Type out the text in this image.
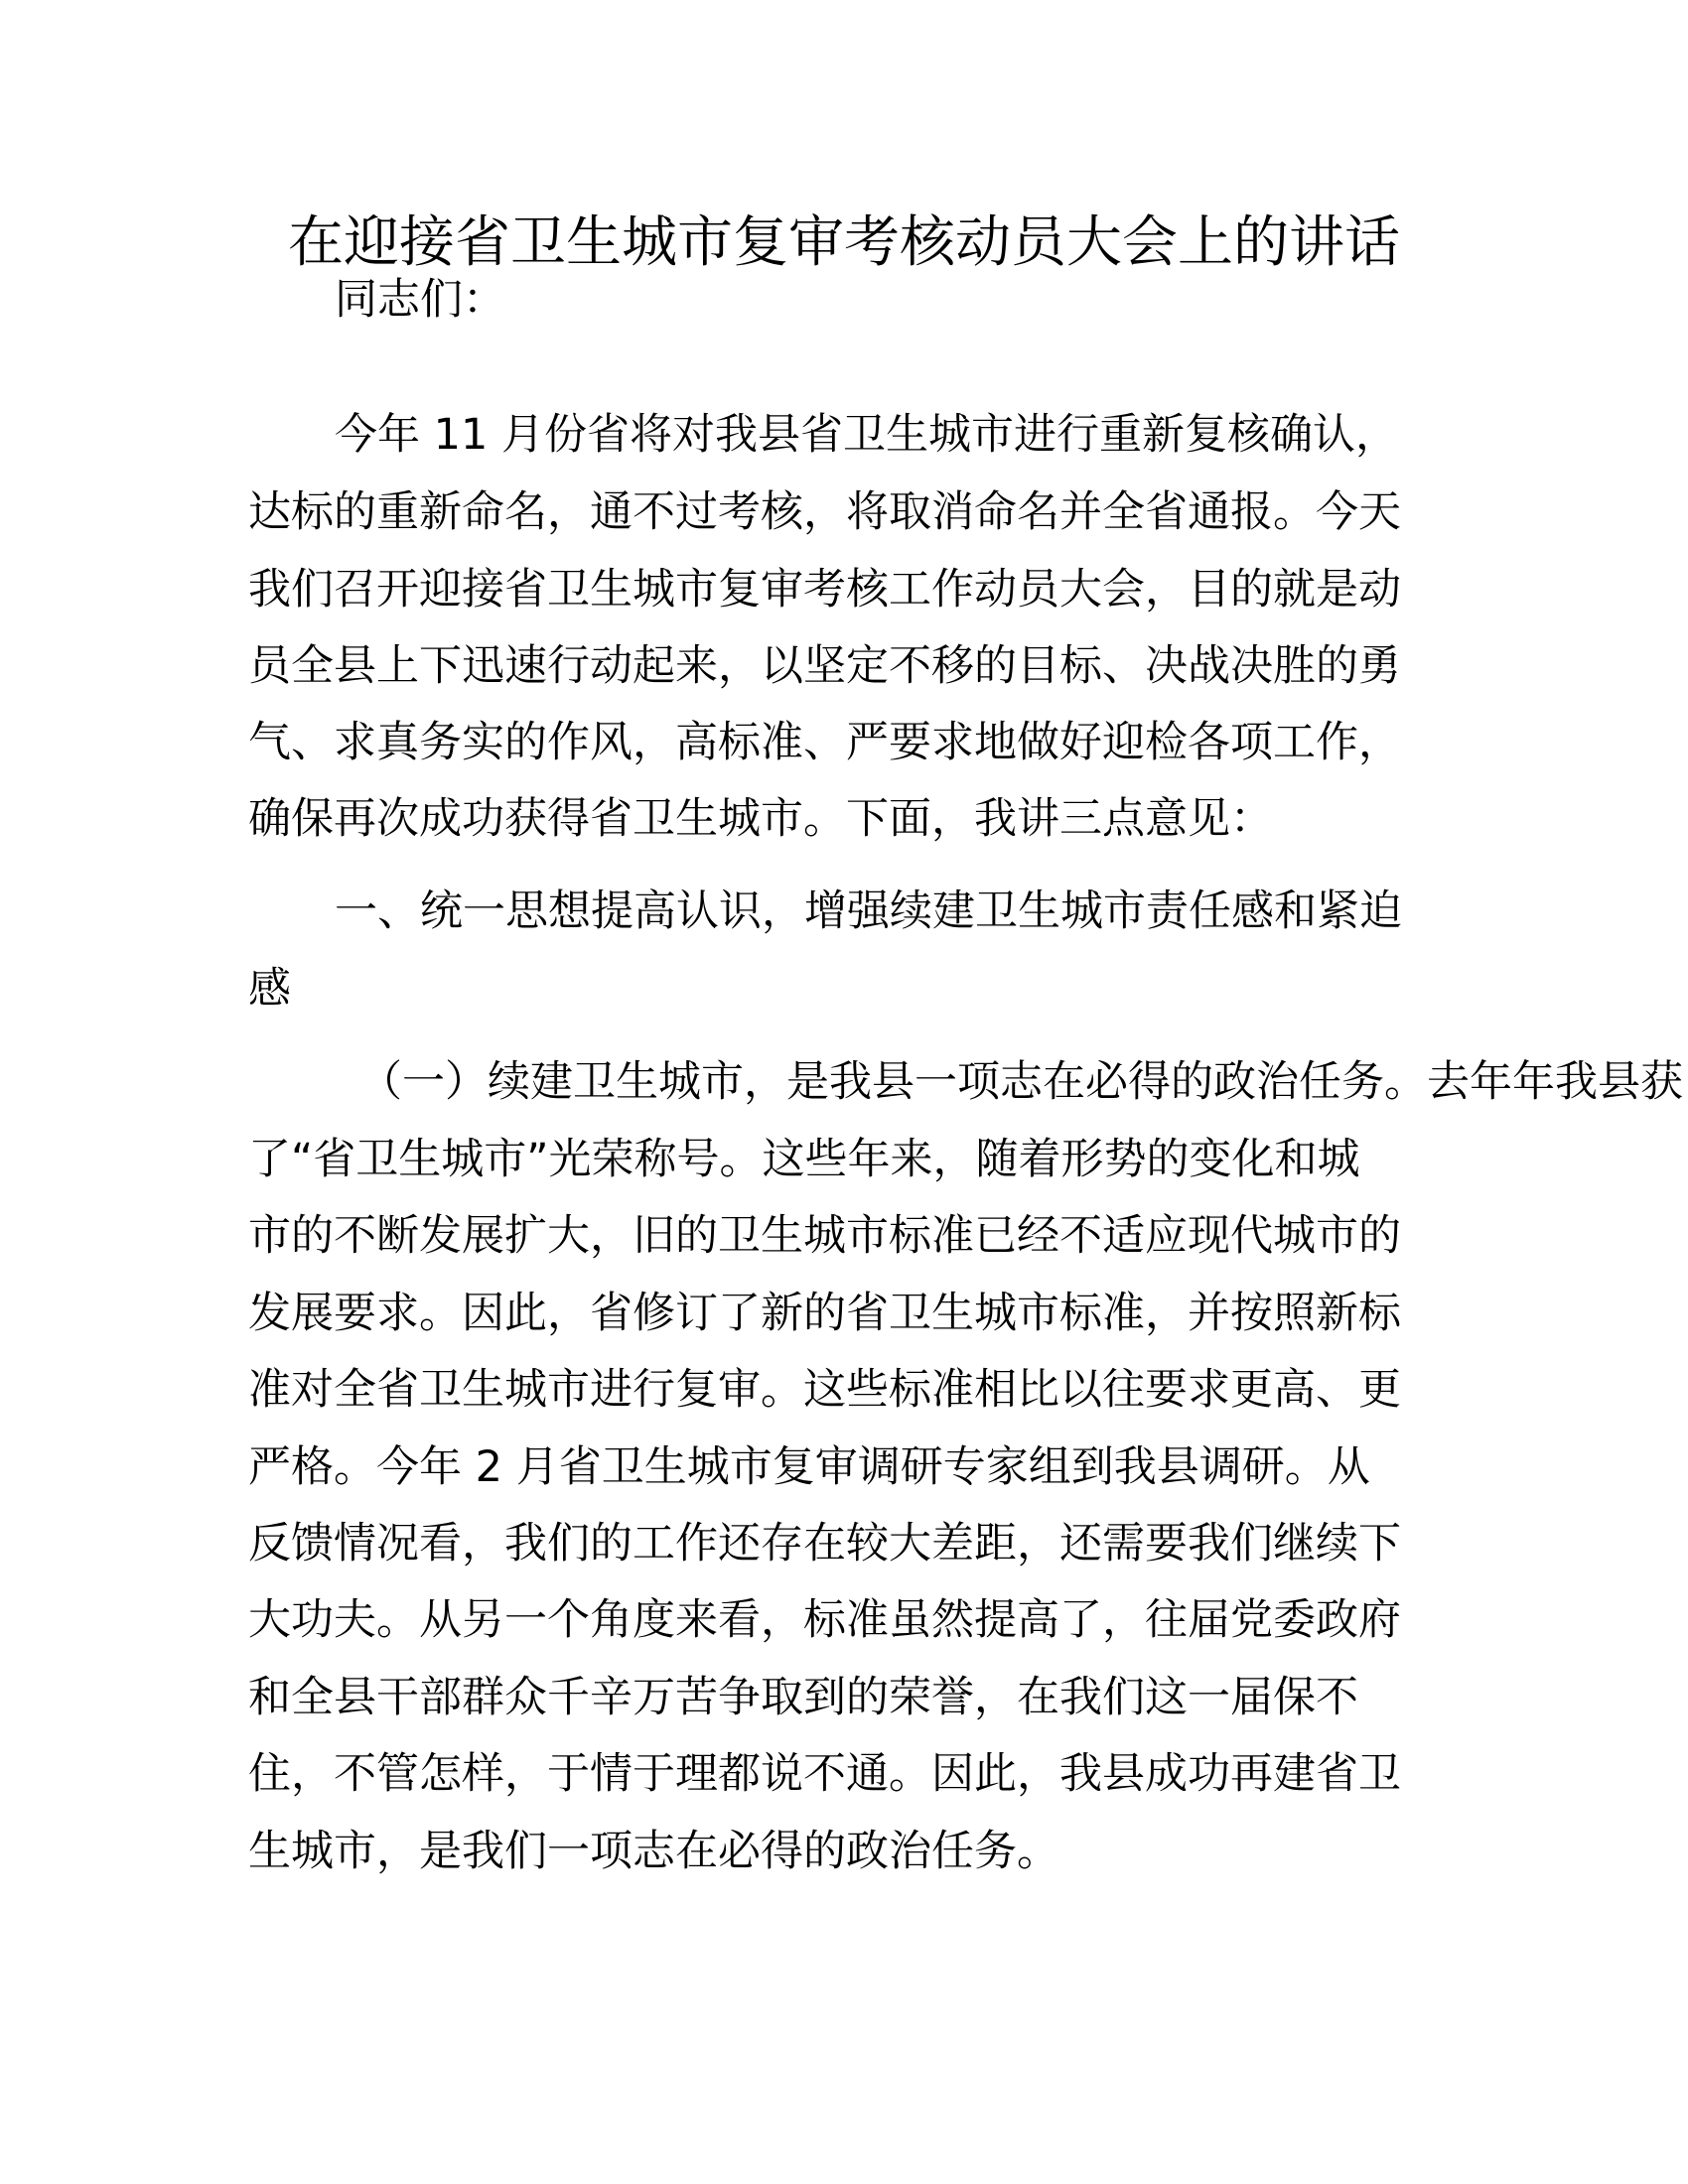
在迎接省卫生城市复审考核动员大会上的讲话
同志们：
今年 11 月份省将对我县省卫生城市进行重新复核确认，
达标的重新命名，通不过考核，将取消命名并全省通报。今天
我们召开迎接省卫生城市复审考核工作动员大会，目的就是动
员全县上下迅速行动起来，以坚定不移的目标、决战决胜的勇
气、求真务实的作风，高标准、严要求地做好迎检各项工作，
确保再次成功获得省卫生城市。下面，我讲三点意见：
一、统一思想提高认识，增强续建卫生城市责任感和紧迫
感
（一）续建卫生城市，是我县一项志在必得的政治任务。去年年我县获
了“省卫生城市”光荣称号。这些年来，随着形势的变化和城
市的不断发展扩大，旧的卫生城市标准已经不适应现代城市的
发展要求。因此，省修订了新的省卫生城市标准，并按照新标
准对全省卫生城市进行复审。这些标准相比以往要求更高、更
严格。今年 2 月省卫生城市复审调研专家组到我县调研。从
反馈情况看，我们的工作还存在较大差距，还需要我们继续下
大功夫。从另一个角度来看，标准虽然提高了，往届党委政府
和全县干部群众千辛万苦争取到的荣誉，在我们这一届保不
住，不管怎样，于情于理都说不通。因此，我县成功再建省卫
生城市，是我们一项志在必得的政治任务。
